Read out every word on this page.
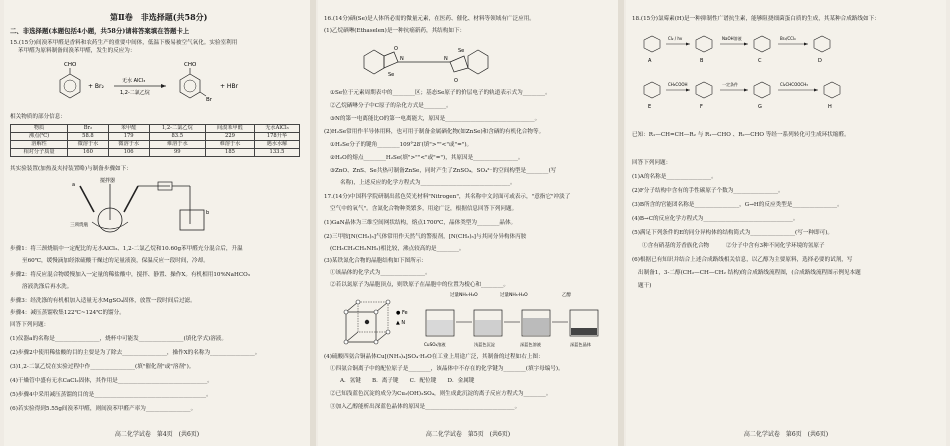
第Ⅱ卷　非选择题(共58分)
二、非选择题(本题包括4小题，共58分)请将答案填在答题卡上
15.(15分)间溴苯甲醛是香料和农药生产的重要中间体，低温下极易被空气氧化。实验室利用
苯甲醛为原料制备间溴苯甲醛，发生的反应为：
CHO
+ Br₂
无水 AlCl₃
1,2-二氯乙烷
CHO
Br
+ HBr
相关物质的部分信息：
物质	Br₂	苯甲醛	1,2-二氯乙烷	间溴苯甲醛	无水AlCl₃
沸点(℃)	58.8	179	83.5	229	178升华
溶解性	微溶于水	微溶于水	难溶于水	难溶于水	遇水水解
相对分子质量	160	106	99	185	133.5
其实验装置(加热及夹持装置略)与制备步骤如下：
搅拌器
a
三颈烧瓶
b
步骤1：将三颈烧瓶中一定配比的无水AlCl₃、1,2-二氯乙烷和10.60g苯甲醛充分混合后，升温
至60℃，缓慢滴加经浓硫酸干燥过的足量液溴，保温反应一段时间，冷却。
步骤2：将反应混合物缓慢加入一定量的稀盐酸中，搅拌、静置、操作X。有机相用10%NaHCO₃
溶液洗涤后再水洗。
步骤3：经洗涤的有机相加入适量无水MgSO₄固体，放置一段时间后过滤。
步骤4：减压蒸馏收集122℃~124℃的馏分。
回答下列问题：
(1)仪器a的名称是________________，烧杯中可能发________________(填化学式)溶液。
(2)步骤2中使用稀盐酸的目的主要是为了除去________________，操作X的名称为________________。
(3)1,2-二氯乙烷在实验过程中作________________(填"催化剂"或"溶剂")。
(4)干燥管中盛有无水CaCl₂固体，其作用是________________________________。
(5)步骤4中采用减压蒸馏的目的是________________________________________。
(6)若实验得到5.55g间溴苯甲醛，则间溴苯甲醛产率为________________。
高二化学试卷　第4页　(共6页)
16.(14分)硒(Se)是人体所必需的微量元素，在医药、催化、材料等领域有广泛应用。
(1)乙烷硒啉(Ethaselen)是一种抗癌新药，其结构如下：
Se
O
N	N
Se
O
①Se位于元素周期表中的________区；基态Se原子的价层电子的轨道表示式为________。
②乙烷硒啉分子中C原子的杂化方式是________。
③N的第一电离能比O的第一电离能大，原因是________________________________。
(2)H₂Se常用作半导体用料，也可用于制备金属硒化物(如ZnSe)和含硒的有机化合物等。
①H₂Se分子的键角________109°28′(填">""<"或"=")。
②H₂O的熔点________H₂Se(填">""<"或"=")，其原因是________________。
③ZnO、ZnS、Se共热可制备ZnSe，同时产生了ZnSO₄，SO₄²⁻的空间构型是________(写
名称)，上述反应的化学方程式为________________________________。
17.(14分)中国科学院研制出蓝色荧光材料"Nitrogen"，其名称中文封面可或表示，"意指它"冲淡了
空气中的氧气"。含氮化合物种类繁多，用途广泛，根据信息回答下列问题。
(1)GaN晶体为三维空间网状结构，熔点1700℃，晶体类型为________晶体。
(2)三甲胺[N(CH₃)₃]气体常用作天然气的警报剂，[N(CH₃)₃]与其同分异构体丙胺
(CH₃CH₂CH₂NH₂)相比较，沸点较高的是________。
(3)某铁氮化合物的晶胞结构如下图所示：
①该晶体的化学式为________________。
②若以氮原子为晶胞顶点，则铁原子在晶胞中的位置为棱心和________。
● Fe
▲ N
过量NH₃·H₂O	过量NH₃·H₂O	乙醇
CuSO₄溶液	浅蓝色沉淀	深蓝色溶液	深蓝色晶体
(4)硫酸四氨合铜晶体Cu[(NH₃)₄]SO₄·H₂O在工业上用途广泛，其制备的过程如右上图：
①四氨合铜离子中的配位原子是________，该晶体中不存在的化学键为________(填字母编号)。
A．氢键　　B．离子键　　C．配位键　　D．金属键
②已知浅蓝色沉淀的成分为Cu₂(OH)₂SO₄，则生成此沉淀的离子反应方程式为________。
③加入乙醇能析出深蓝色晶体的原因是________________________________。
高二化学试卷　第5页　(共6页)
18.(15分)氯霉素(H)是一种抑制性广谱抗生素，能够阻挠细菌蛋白质的生成，其某种合成路线如下：
A
Cl₂ / hv
B
NaOH溶液
C
Br₂/CCl₄
D
E
CH₃COOH
F
一定条件
G
Cl₂CHCOOCH₃
H
已知：R₁—CH=CH—R₂ 与 R₁—CHO 、R₂—CHO 等经一系列转化可生成环状缩醛。
回答下列问题：
(1)A的名称是________________。
(2)F分子结构中含有的手性碳原子个数为________________。
(3)B所含的官能团名称是________________，G→H的反应类型是________________。
(4)B→C的反应化学方程式为________________________________。
(5)满足下列条件的E的同分异构体的结构简式为________________(写一种即可)。
①含有硝基的芳香族化合物　　　②分子中含有3种不同化学环境的氢原子
(6)根据已有知识并结合上述合成路线相关信息，以乙醇为主要原料，选择必要的试剂，写
出制备1，3-二醇(CH₂—CH—CH₂ 结构)的合成路线流程图，(合成路线流程图示例见本题
题干)
高二化学试卷　第6页　(共6页)
